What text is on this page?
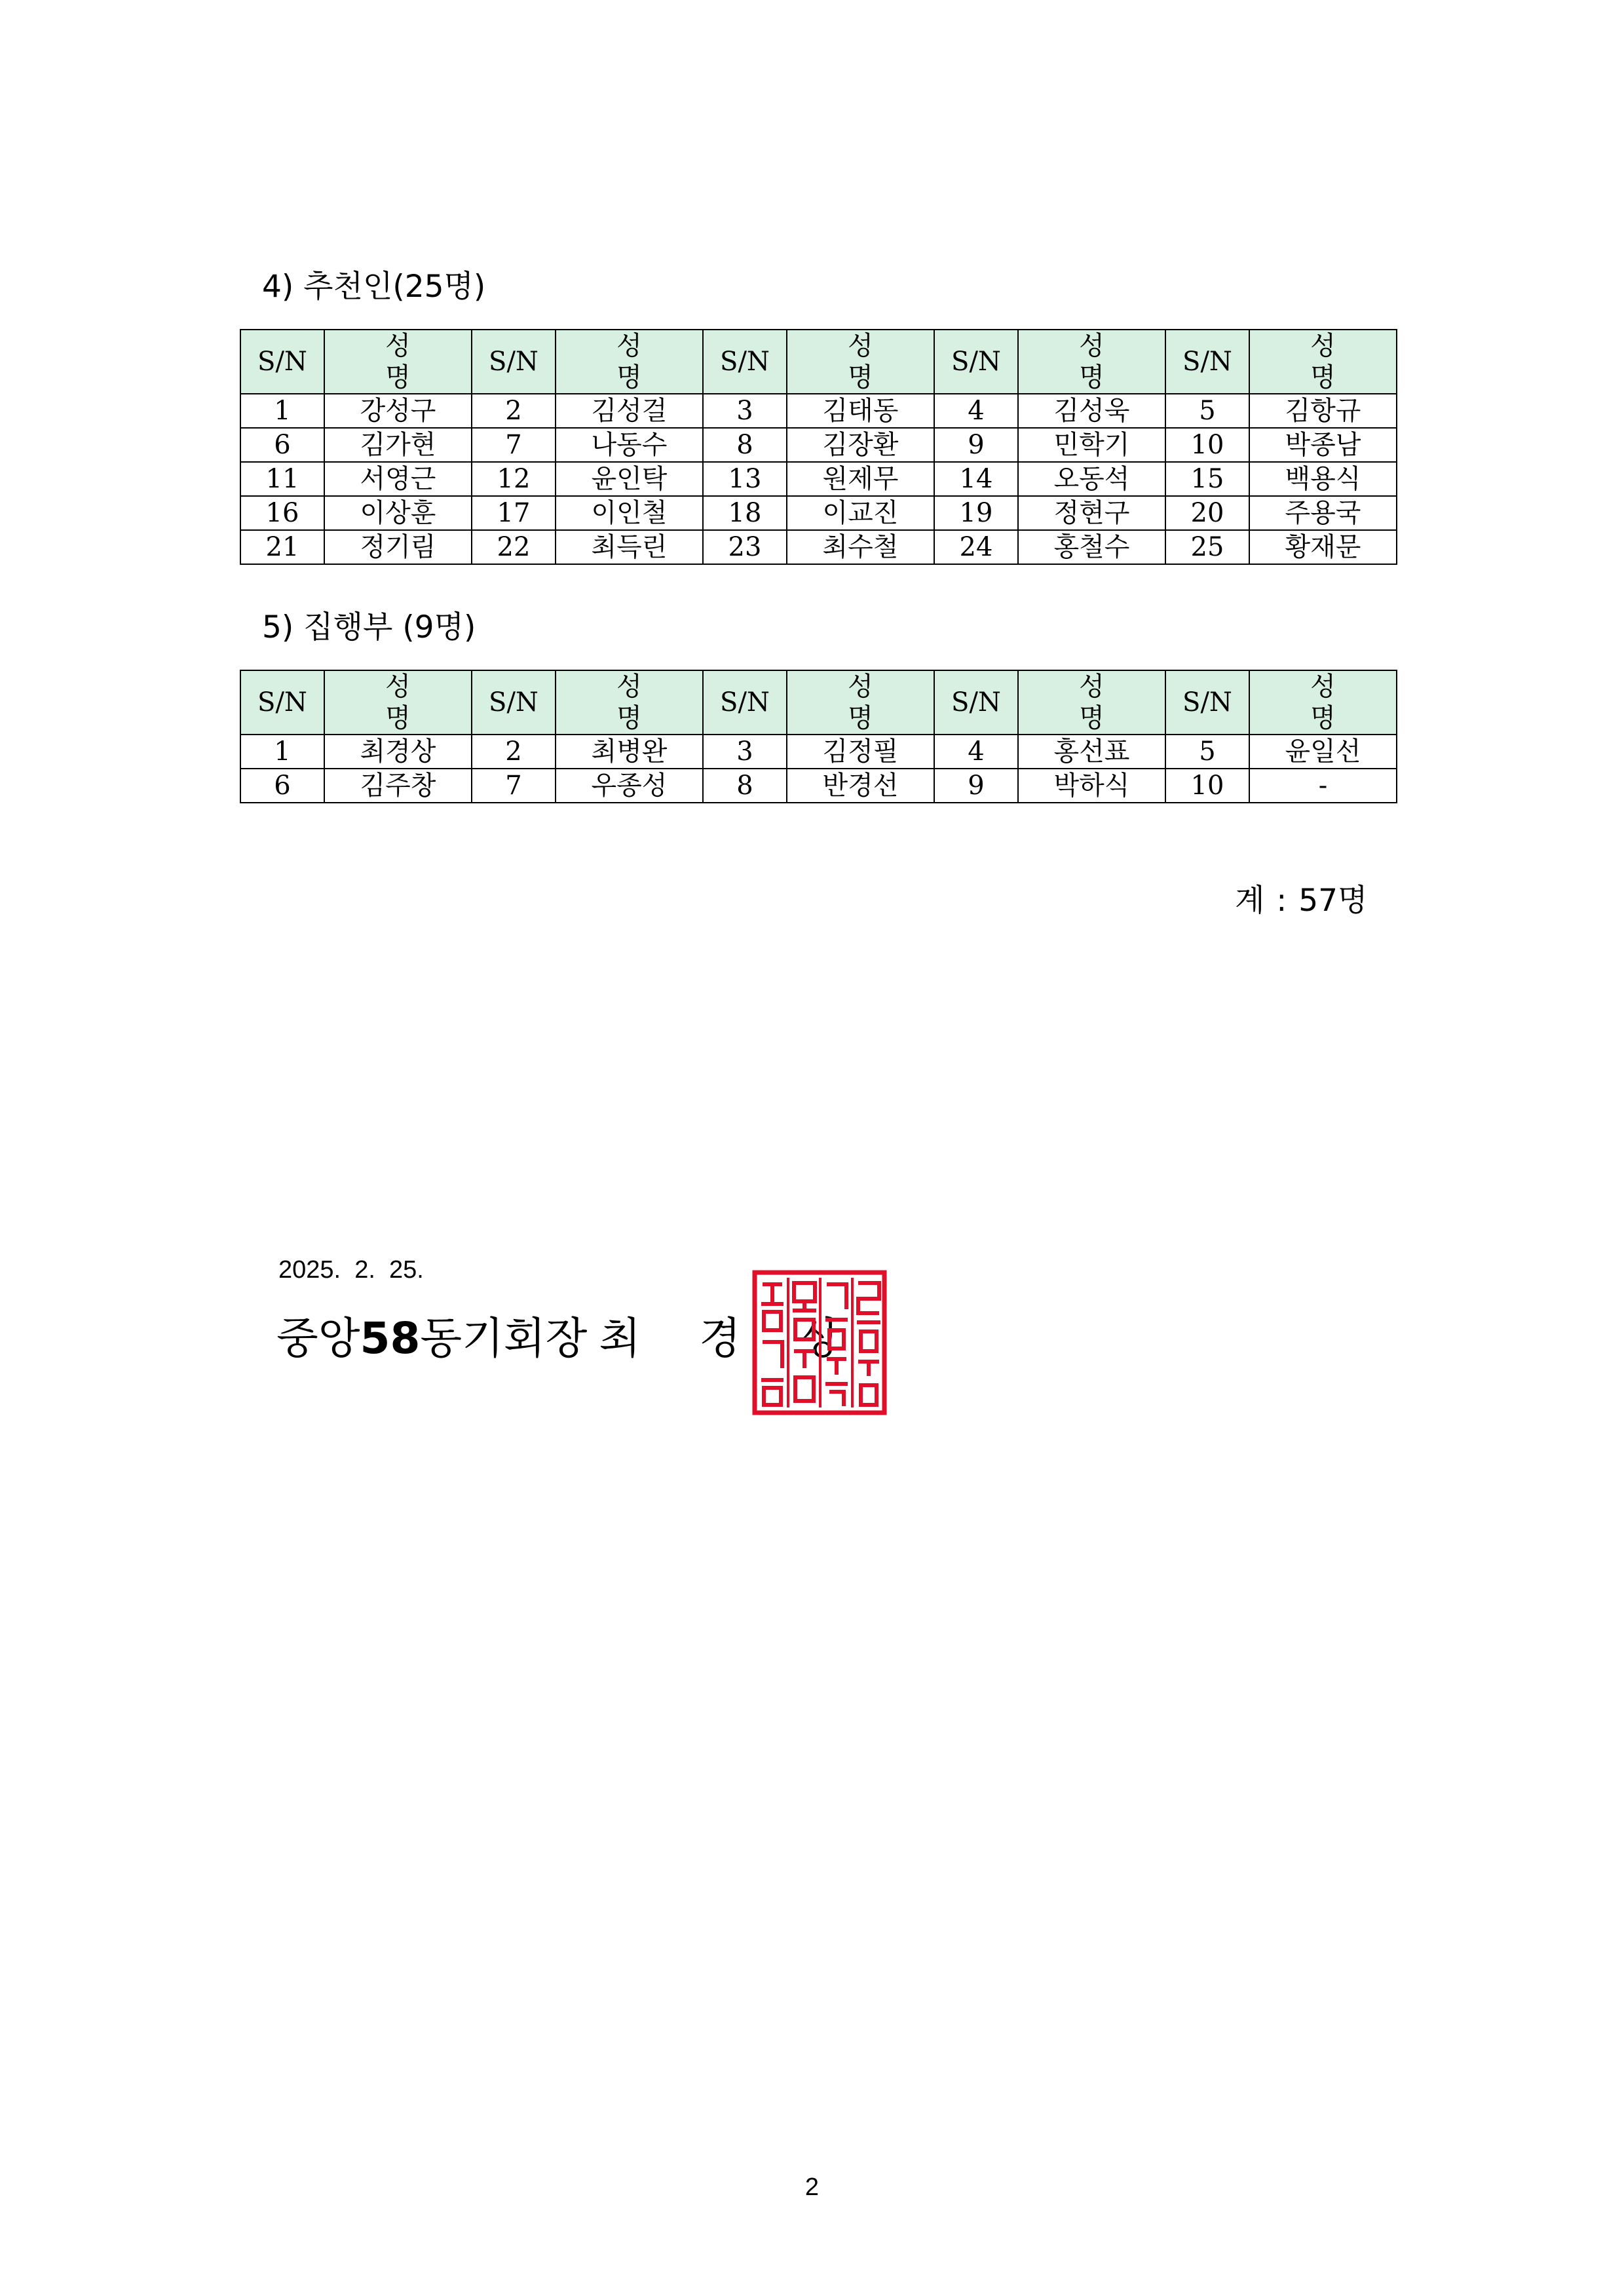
4) 추천인(25명)
S/N	성 명	S/N	성 명	S/N	성 명	S/N	성 명	S/N	성 명
1	강성구	2	김성걸	3	김태동	4	김성욱	5	김항규
6	김가현	7	나동수	8	김장환	9	민학기	10	박종남
11	서영근	12	윤인탁	13	원제무	14	오동석	15	백용식
16	이상훈	17	이인철	18	이교진	19	정현구	20	주용국
21	정기림	22	최득린	23	최수철	24	홍철수	25	황재문
5) 집행부 (9명)
S/N	성 명	S/N	성 명	S/N	성 명	S/N	성 명	S/N	성 명
1	최경상	2	최병완	3	김정필	4	홍선표	5	윤일선
6	김주창	7	우종성	8	반경선	9	박하식	10	-
계 : 57명
2025.  2.  25.
중앙58동기회장 최 경 상
2
